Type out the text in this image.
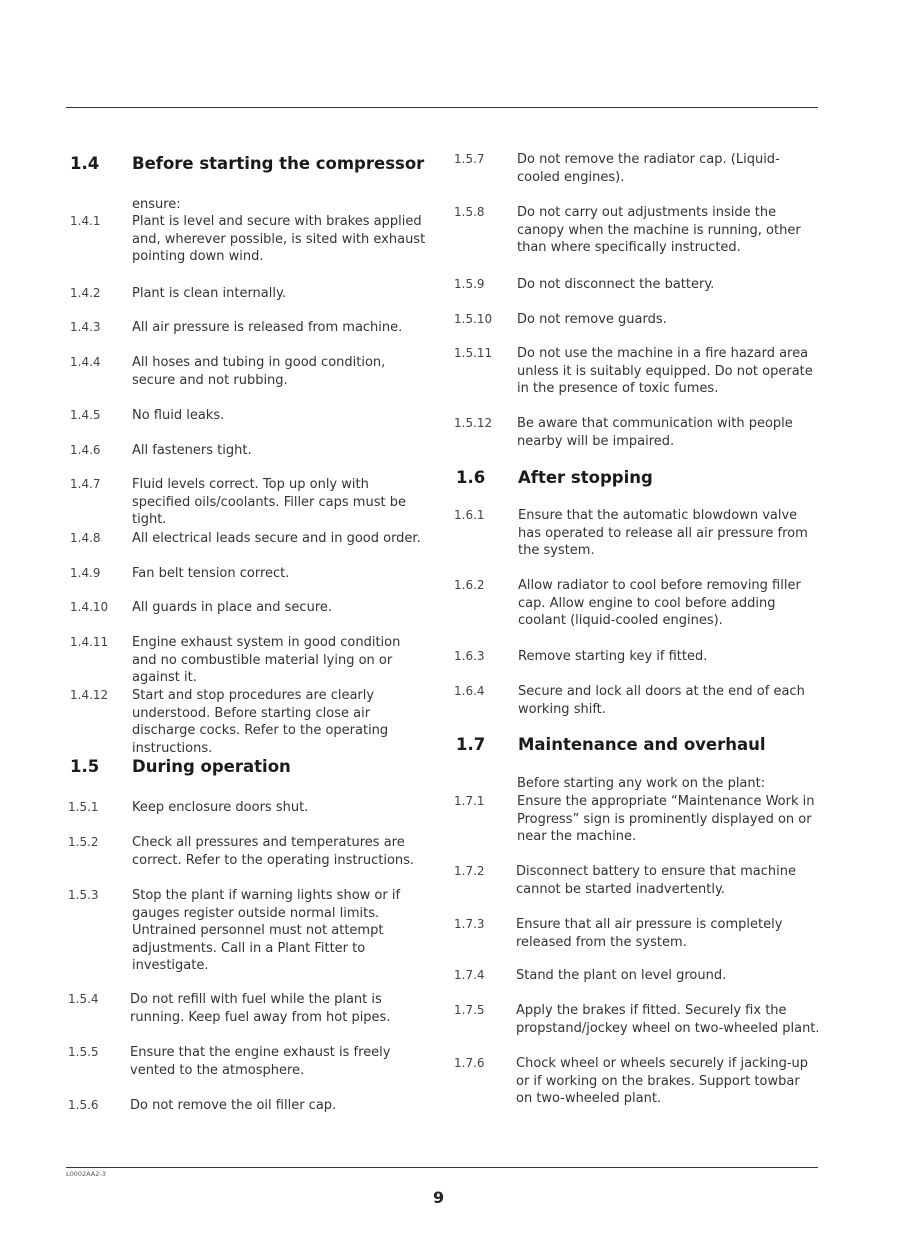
1.4 Before starting the compressor
ensure:
1.4.1 Plant is level and secure with brakes applied and, wherever possible, is sited with exhaust pointing down wind.
1.4.2 Plant is clean internally.
1.4.3 All air pressure is released from machine.
1.4.4 All hoses and tubing in good condition, secure and not rubbing.
1.4.5 No fluid leaks.
1.4.6 All fasteners tight.
1.4.7 Fluid levels correct. Top up only with specified oils/coolants. Filler caps must be tight.
1.4.8 All electrical leads secure and in good order.
1.4.9 Fan belt tension correct.
1.4.10 All guards in place and secure.
1.4.11 Engine exhaust system in good condition and no combustible material lying on or against it.
1.4.12 Start and stop procedures are clearly understood. Before starting close air discharge cocks. Refer to the operating instructions.
1.5 During operation
1.5.1	Keep enclosure doors shut.
1.5.2	Check all pressures and temperatures are correct. Refer to the operating instructions.
1.5.3	Stop the plant if warning lights show or if gauges register outside normal limits. Untrained personnel must not attempt adjustments. Call in a Plant Fitter to investigate.
1.5.4 Do not refill with fuel while the plant is running. Keep fuel away from hot pipes.
1.5.5 Ensure that the engine exhaust is freely vented to the atmosphere.
1.5.6 Do not remove the oil filler cap.
1.5.7 Do not remove the radiator cap. (Liquid-cooled engines).
1.5.8 Do not carry out adjustments inside the canopy when the machine is running, other than where specifically instructed.
1.5.9 Do not disconnect the battery.
1.5.10 Do not remove guards.
1.5.11 Do not use the machine in a fire hazard area unless it is suitably equipped. Do not operate in the presence of toxic fumes.
1.5.12 Be aware that communication with people nearby will be impaired.
1.6 After stopping
1.6.1	Ensure that the automatic blowdown valve has operated to release all air pressure from the system.
1.6.2	Allow radiator to cool before removing filler cap. Allow engine to cool before adding coolant (liquid-cooled engines).
1.6.3	Remove starting key if fitted.
1.6.4	Secure and lock all doors at the end of each working shift.
1.7 Maintenance and overhaul
Before starting any work on the plant:
1.7.1 Ensure the appropriate “Maintenance Work in Progress” sign is prominently displayed on or near the machine.
1.7.2 Disconnect battery to ensure that machine cannot be started inadvertently.
1.7.3 Ensure that all air pressure is completely released from the system.
1.7.4 Stand the plant on level ground.
1.7.5 Apply the brakes if fitted. Securely fix the propstand/jockey wheel on two-wheeled plant.
1.7.6 Chock wheel or wheels securely if jacking-up or if working on the brakes. Support towbar on two-wheeled plant.
L0002AA2-3
9
